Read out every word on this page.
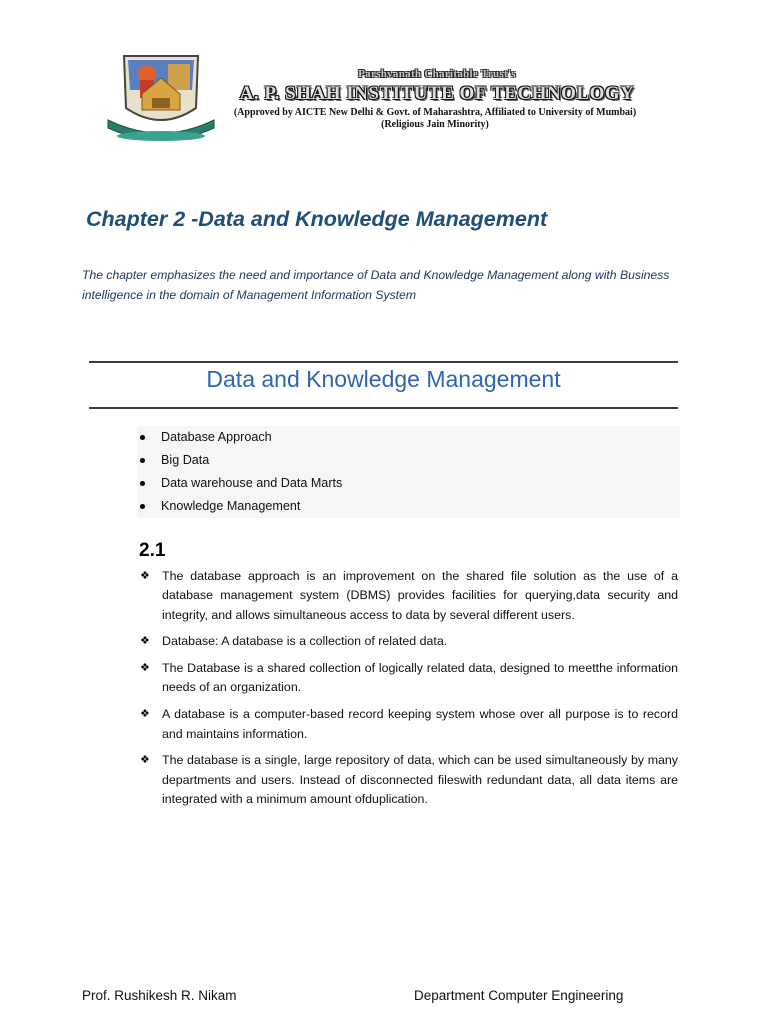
Parshvanath Charitable Trust's
A. P. SHAH INSTITUTE OF TECHNOLOGY
(Approved by AICTE New Delhi & Govt. of Maharashtra, Affiliated to University of Mumbai)
(Religious Jain Minority)
Chapter 2 -Data and Knowledge Management

The chapter emphasizes the need and importance of Data and Knowledge Management along with Business intelligence in the domain of Management Information System

Data and Knowledge Management
Database Approach
Big Data
Data warehouse and Data Marts
Knowledge Management
2.1
❖ The database approach is an improvement on the shared file solution as the use of a database management system (DBMS) provides facilities for querying,data security and integrity, and allows simultaneous access to data by several different users.
❖ Database: A database is a collection of related data.
❖ The Database is a shared collection of logically related data, designed to meetthe information needs of an organization.
❖ A database is a computer-based record keeping system whose over all purpose is to record and maintains information.
❖ The database is a single, large repository of data, which can be used simultaneously by many departments and users. Instead of disconnected fileswith redundant data, all data items are integrated with a minimum amount ofduplication.
Prof. Rushikesh R. Nikam	Department Computer Engineering
